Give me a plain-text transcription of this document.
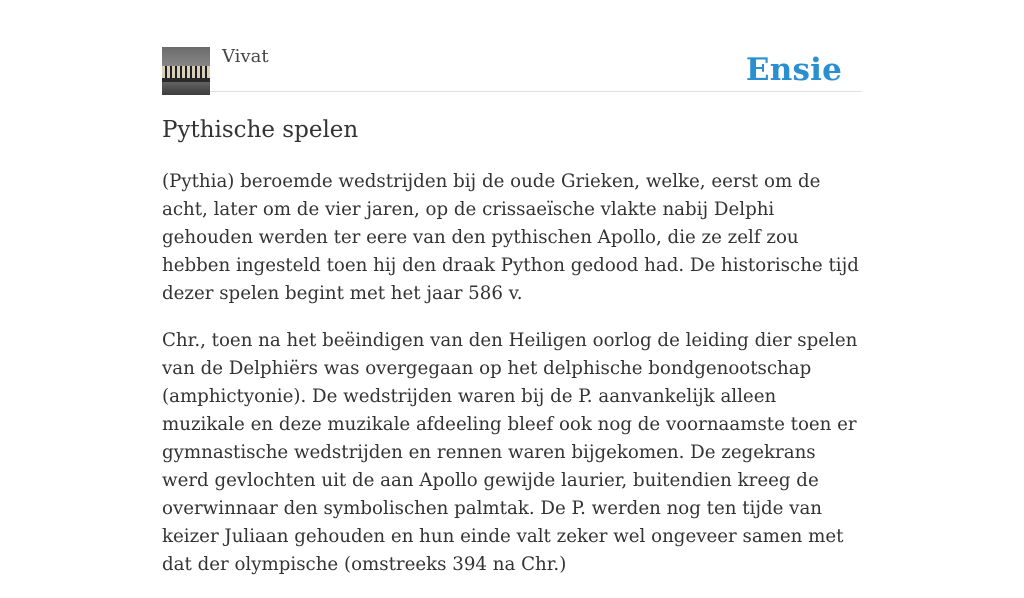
Vivat	Ensie
Pythische spelen

(Pythia) beroemde wedstrijden bij de oude Grieken, welke, eerst om de acht, later om de vier jaren, op de crissaeïsche vlakte nabij Delphi gehouden werden ter eere van den pythischen Apollo, die ze zelf zou hebben ingesteld toen hij den draak Python gedood had. De historische tijd dezer spelen begint met het jaar 586 v.

Chr., toen na het beëindigen van den Heiligen oorlog de leiding dier spelen van de Delphiërs was overgegaan op het delphische bondgenootschap (amphictyonie). De wedstrijden waren bij de P. aanvankelijk alleen muzikale en deze muzikale afdeeling bleef ook nog de voornaamste toen er gymnastische wedstrijden en rennen waren bijgekomen. De zegekrans werd gevlochten uit de aan Apollo gewijde laurier, buitendien kreeg de overwinnaar den symbolischen palmtak. De P. werden nog ten tijde van keizer Juliaan gehouden en hun einde valt zeker wel ongeveer samen met dat der olympische (omstreeks 394 na Chr.)
